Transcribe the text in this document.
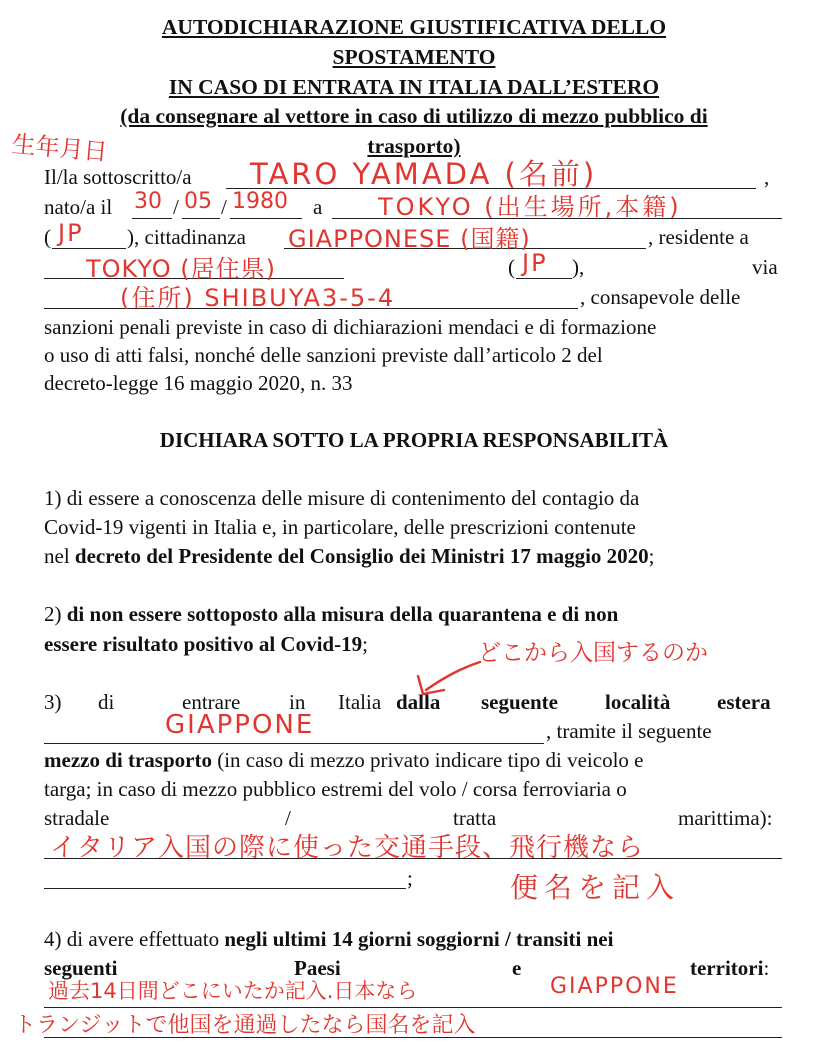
AUTODICHIARAZIONE GIUSTIFICATIVA DELLO
SPOSTAMENTO
IN CASO DI ENTRATA IN ITALIA DALL’ESTERO
(da consegnare al vettore in caso di utilizzo di mezzo pubblico di
trasporto)
Il/la sottoscritto/a	,
nato/a il	/ /	a
(	), cittadinanza	, residente a
(	),	via
, consapevole delle
sanzioni penali previste in caso di dichiarazioni mendaci e di formazione
o uso di atti falsi, nonché delle sanzioni previste dall’articolo 2 del
decreto-legge 16 maggio 2020, n. 33
DICHIARA SOTTO LA PROPRIA RESPONSABILITÀ
1) di essere a conoscenza delle misure di contenimento del contagio da
Covid-19 vigenti in Italia e, in particolare, delle prescrizioni contenute
nel decreto del Presidente del Consiglio dei Ministri 17 maggio 2020;
2) di non essere sottoposto alla misura della quarantena e di non
essere risultato positivo al Covid-19;
3) di	entrare in Italia dalla seguente località estera
, tramite il seguente
mezzo di trasporto (in caso di mezzo privato indicare tipo di veicolo e
targa; in caso di mezzo pubblico estremi del volo / corsa ferroviaria o
stradale	/	tratta	marittima):
;
4) di avere effettuato negli ultimi 14 giorni soggiorni / transiti nei
seguenti	Paesi	e	territori:
生年月日
TARO YAMADA (名前)
30 05 1980	TOKYO (出生場所,本籍)
JP	GIAPPONESE (国籍)
TOKYO (居住県)	JP
(住所) SHIBUYA3-5-4
どこから入国するのか
GIAPPONE
イタリア入国の際に使った交通手段、飛行機なら
便名を記入
過去14日間どこにいたか記入.日本なら	GIAPPONE
トランジットで他国を通過したなら国名を記入
